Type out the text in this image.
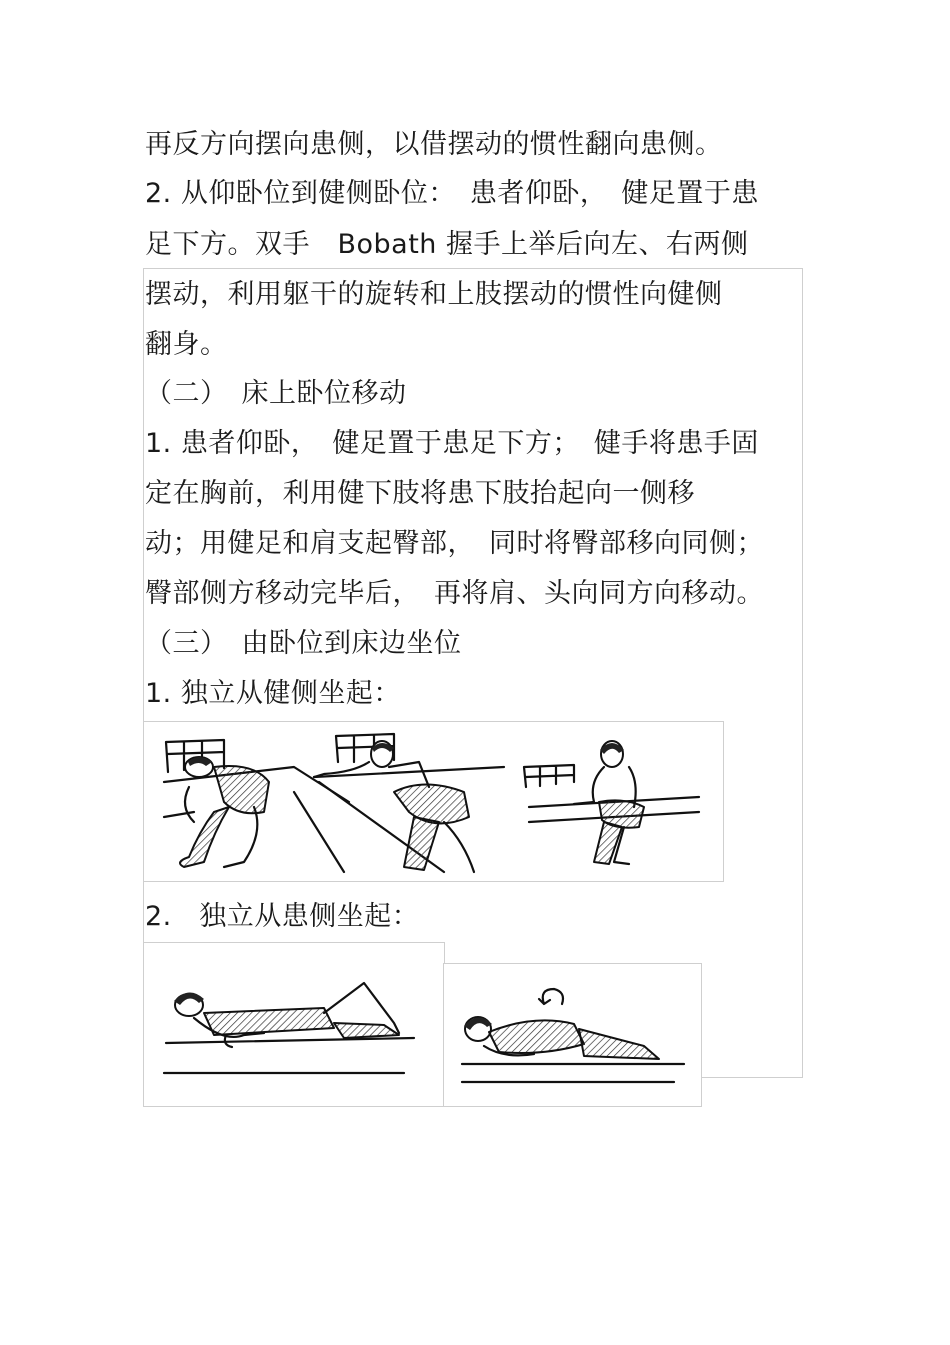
再反方向摆向患侧，以借摆动的惯性翻向患侧。
2. 从仰卧位到健侧卧位：　患者仰卧，　健足置于患
足下方。双手　Bobath 握手上举后向左、右两侧
摆动，利用躯干的旋转和上肢摆动的惯性向健侧
翻身。
（二）　床上卧位移动
1. 患者仰卧，　健足置于患足下方；　健手将患手固
定在胸前，利用健下肢将患下肢抬起向一侧移
动；用健足和肩支起臀部，　同时将臀部移向同侧；
臀部侧方移动完毕后，　再将肩、头向同方向移动。
（三）　由卧位到床边坐位
1. 独立从健侧坐起：
2.　独立从患侧坐起：
